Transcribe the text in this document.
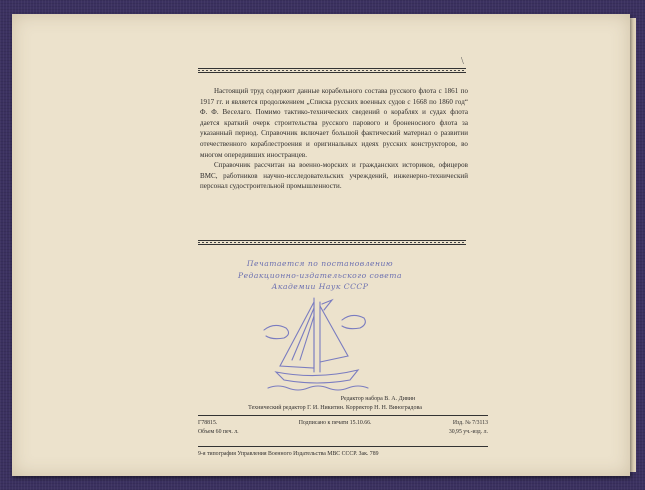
\

Настоящий труд содержит данные корабельного состава русского флота с 1861 по 1917 гг. и является продолжением „Списка русских военных судов с 1668 по 1860 год“ Ф. Ф. Веселаго. Помимо тактико-технических сведений о кораблях и судах флота дается краткий очерк строительства русского парового и броненосного флота за указанный период. Справочник включает большой фактический материал о развитии отечественного кораблестроения и оригинальных идеях русских конструкторов, во многом опередивших иностранцев.

Справочник рассчитан на военно-морских и гражданских историков, офицеров ВМС, работников научно-исследовательских учреждений, инженерно-технический персонал судостроительной промышленности.

Печатается по постановлению
Редакционно-издательского совета
Академии Наук СССР
Редактор набора В. А. Дивин
Технический редактор Г. И. Никитин. Корректор Н. Н. Виноградова
Г78815.	Подписано к печати 15.10.66.	Изд. № 7/3113
Объем 60 печ. л.	30,95 уч.-изд. л.
9-я типография Управления Военного Издательства МВС СССР. Зак. 789
